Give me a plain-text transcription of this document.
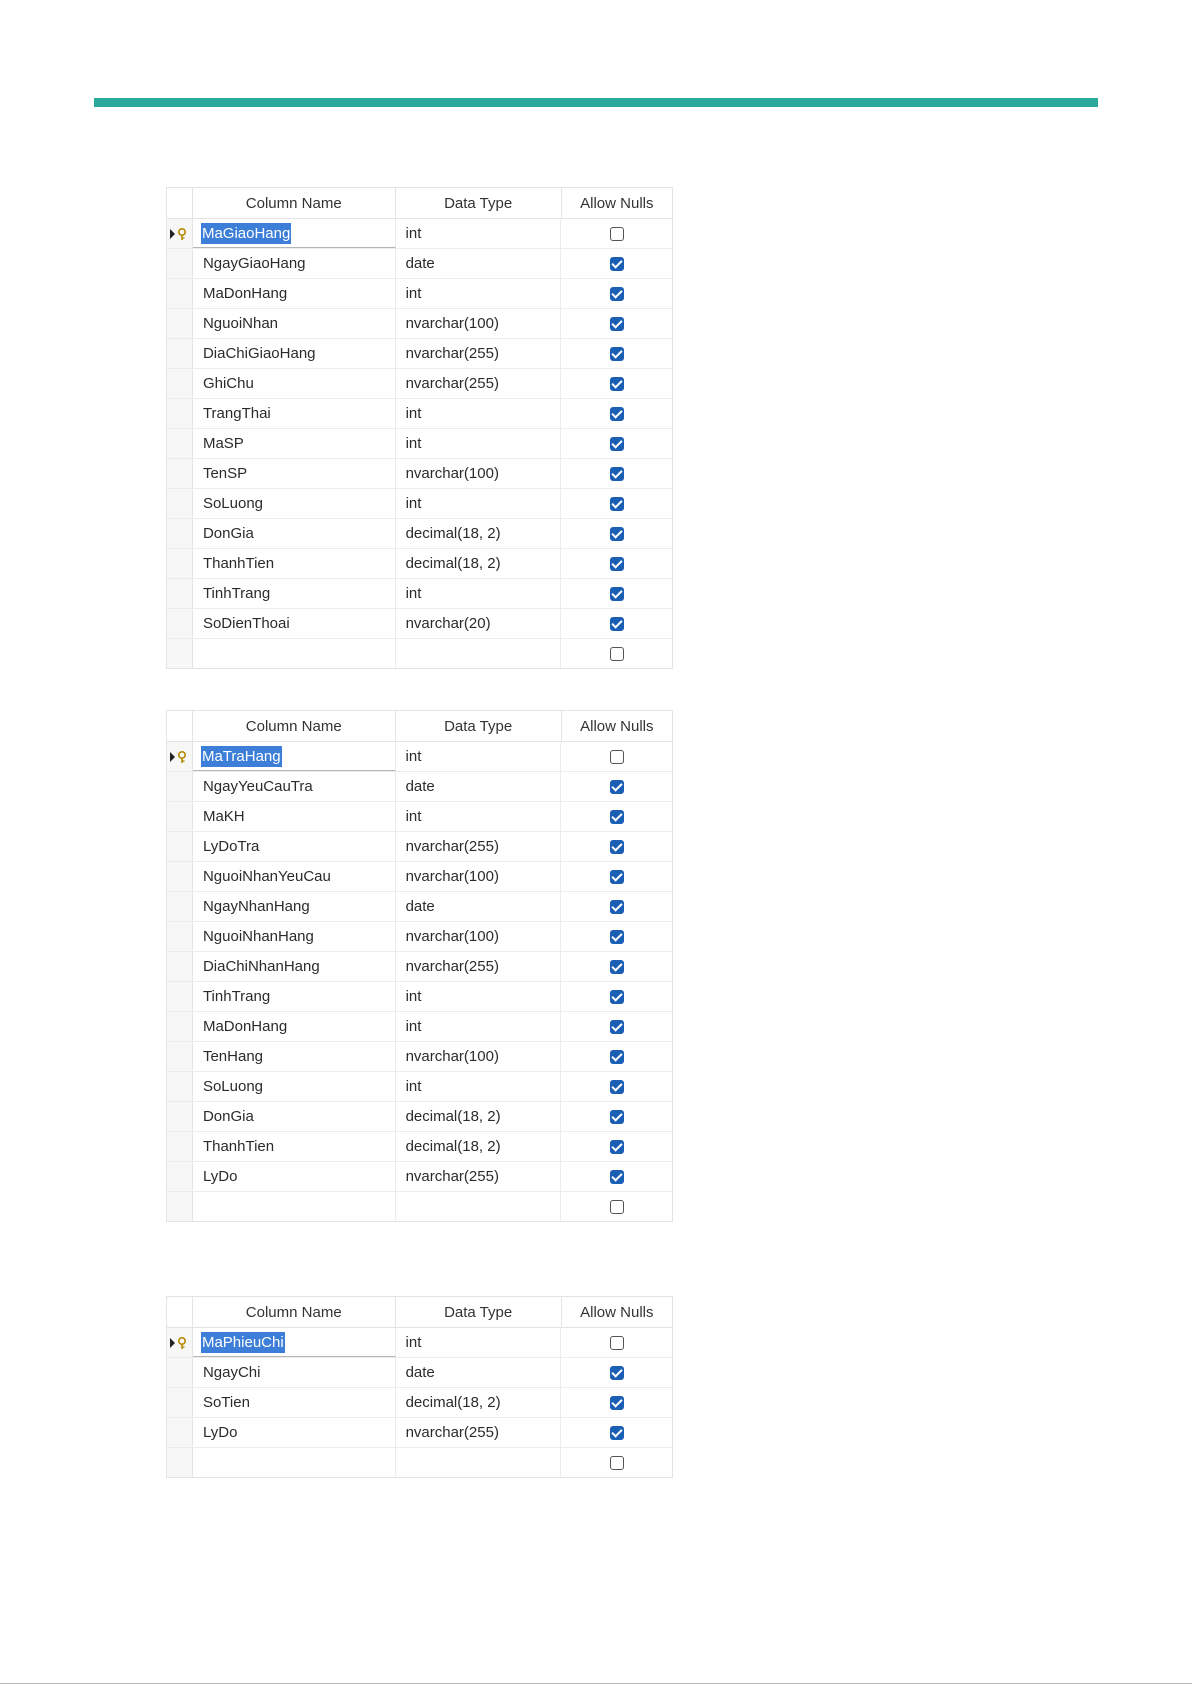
Column Name	Data Type	Allow Nulls
MaGiaoHang	int
NgayGiaoHang	date
MaDonHang	int
NguoiNhan	nvarchar(100)
DiaChiGiaoHang	nvarchar(255)
GhiChu	nvarchar(255)
TrangThai	int
MaSP	int
TenSP	nvarchar(100)
SoLuong	int
DonGia	decimal(18, 2)
ThanhTien	decimal(18, 2)
TinhTrang	int
SoDienThoai	nvarchar(20)
Column Name	Data Type	Allow Nulls
MaTraHang	int
NgayYeuCauTra	date
MaKH	int
LyDoTra	nvarchar(255)
NguoiNhanYeuCau	nvarchar(100)
NgayNhanHang	date
NguoiNhanHang	nvarchar(100)
DiaChiNhanHang	nvarchar(255)
TinhTrang	int
MaDonHang	int
TenHang	nvarchar(100)
SoLuong	int
DonGia	decimal(18, 2)
ThanhTien	decimal(18, 2)
LyDo	nvarchar(255)
Column Name	Data Type	Allow Nulls
MaPhieuChi	int
NgayChi	date
SoTien	decimal(18, 2)
LyDo	nvarchar(255)
